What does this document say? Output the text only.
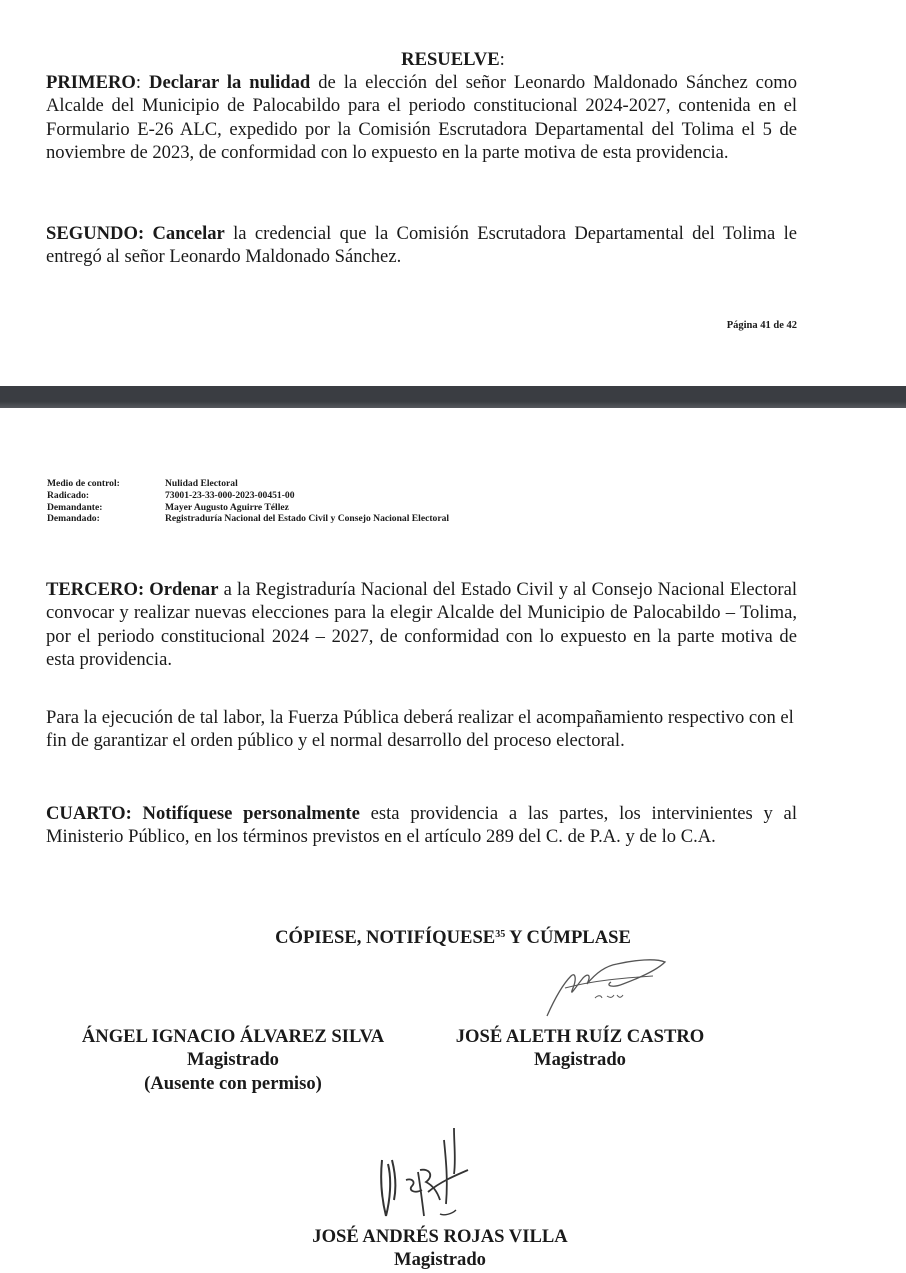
RESUELVE:
PRIMERO: Declarar la nulidad de la elección del señor Leonardo Maldonado Sánchez como Alcalde del Municipio de Palocabildo para el periodo constitucional 2024-2027, contenida en el Formulario E-26 ALC, expedido por la Comisión Escrutadora Departamental del Tolima el 5 de noviembre de 2023, de conformidad con lo expuesto en la parte motiva de esta providencia.
SEGUNDO: Cancelar la credencial que la Comisión Escrutadora Departamental del Tolima le entregó al señor Leonardo Maldonado Sánchez.
Página 41 de 42
Medio de control:	Nulidad Electoral
Radicado:	73001-23-33-000-2023-00451-00
Demandante:	Mayer Augusto Aguirre Téllez
Demandado:	Registraduría Nacional del Estado Civil y Consejo Nacional Electoral
TERCERO: Ordenar a la Registraduría Nacional del Estado Civil y al Consejo Nacional Electoral convocar y realizar nuevas elecciones para la elegir Alcalde del Municipio de Palocabildo – Tolima, por el periodo constitucional 2024 – 2027, de conformidad con lo expuesto en la parte motiva de esta providencia.
Para la ejecución de tal labor, la Fuerza Pública deberá realizar el acompañamiento respectivo con el fin de garantizar el orden público y el normal desarrollo del proceso electoral.
CUARTO: Notifíquese personalmente esta providencia a las partes, los intervinientes y al Ministerio Público, en los términos previstos en el artículo 289 del C. de P.A. y de lo C.A.
CÓPIESE, NOTIFÍQUESE$^{35}$ Y CÚMPLASE
ÁNGEL IGNACIO ÁLVAREZ SILVA
Magistrado
(Ausente con permiso)
JOSÉ ALETH RUÍZ CASTRO
Magistrado
JOSÉ ANDRÉS ROJAS VILLA
Magistrado
